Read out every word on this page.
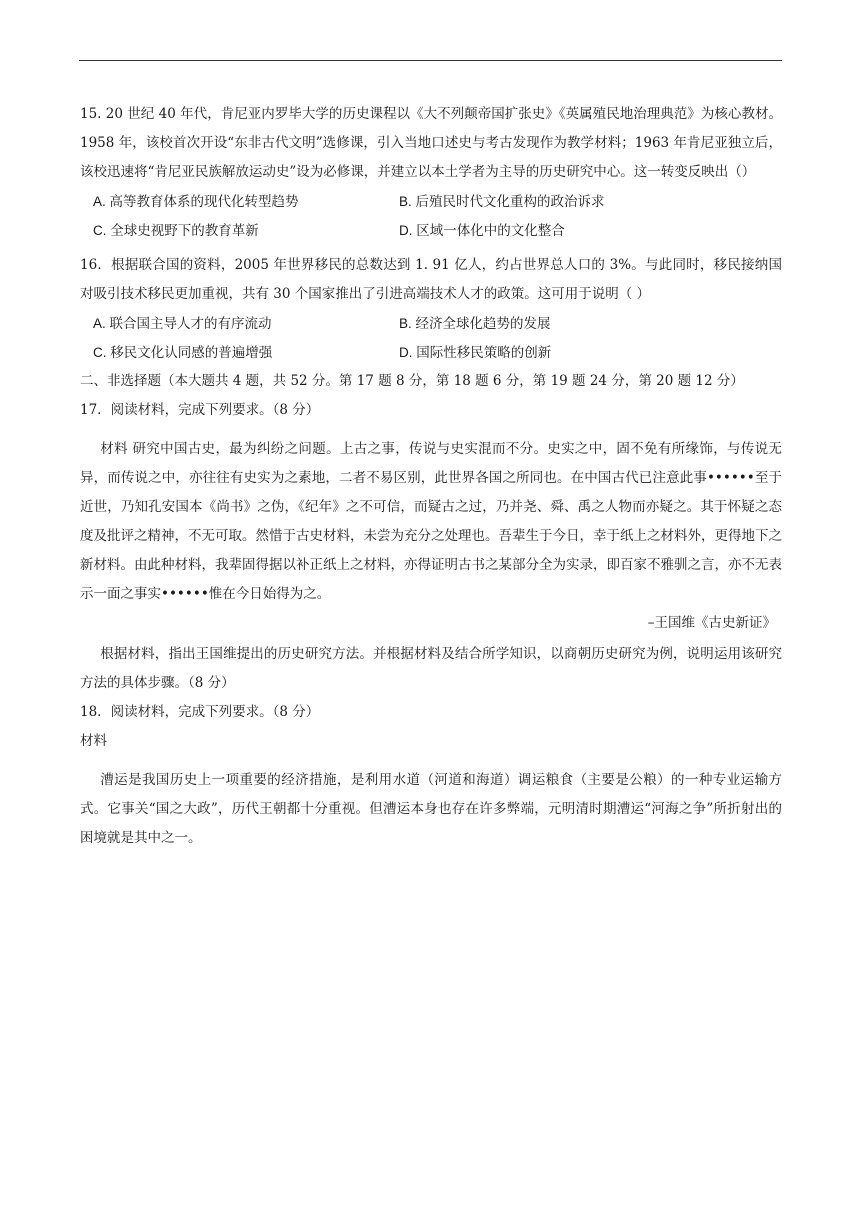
15. 20 世纪 40 年代，肯尼亚内罗毕大学的历史课程以《大不列颠帝国扩张史》《英属殖民地治理典范》为核心教材。1958 年，该校首次开设“东非古代文明”选修课，引入当地口述史与考古发现作为教学材料；1963 年肯尼亚独立后，该校迅速将“肯尼亚民族解放运动史”设为必修课，并建立以本土学者为主导的历史研究中心。这一转变反映出（）

A. 高等教育体系的现代化转型趋势	B. 后殖民时代文化重构的政治诉求
C. 全球史视野下的教育革新	D. 区域一体化中的文化整合

16．根据联合国的资料，2005 年世界移民的总数达到 1. 91 亿人，约占世界总人口的 3%。与此同时，移民接纳国对吸引技术移民更加重视，共有 30 个国家推出了引进高端技术人才的政策。这可用于说明（ ）

A. 联合国主导人才的有序流动	B. 经济全球化趋势的发展
C. 移民文化认同感的普遍增强	D. 国际性移民策略的创新

二、非选择题（本大题共 4 题，共 52 分。第 17 题 8 分，第 18 题 6 分，第 19 题 24 分，第 20 题 12 分）

17．阅读材料，完成下列要求。（8 分）

材料 研究中国古史，最为纠纷之问题。上古之事，传说与史实混而不分。史实之中，固不免有所缘饰，与传说无异，而传说之中，亦往往有史实为之素地，二者不易区别，此世界各国之所同也。在中国古代已注意此事••••••至于近世，乃知孔安国本《尚书》之伪，《纪年》之不可信，而疑古之过，乃并尧、舜、禹之人物而亦疑之。其于怀疑之态度及批评之精神，不无可取。然惜于古史材料，未尝为充分之处理也。吾辈生于今日，幸于纸上之材料外，更得地下之新材料。由此种材料，我辈固得据以补正纸上之材料，亦得证明古书之某部分全为实录，即百家不雅驯之言，亦不无表示一面之事实••••••惟在今日始得为之。

–王国维《古史新证》

根据材料，指出王国维提出的历史研究方法。并根据材料及结合所学知识，以商朝历史研究为例，说明运用该研究方法的具体步骤。（8 分）

18．阅读材料，完成下列要求。（8 分）

材料

漕运是我国历史上一项重要的经济措施，是利用水道（河道和海道）调运粮食（主要是公粮）的一种专业运输方式。它事关“国之大政”，历代王朝都十分重视。但漕运本身也存在许多弊端，元明清时期漕运“河海之争”所折射出的困境就是其中之一。
